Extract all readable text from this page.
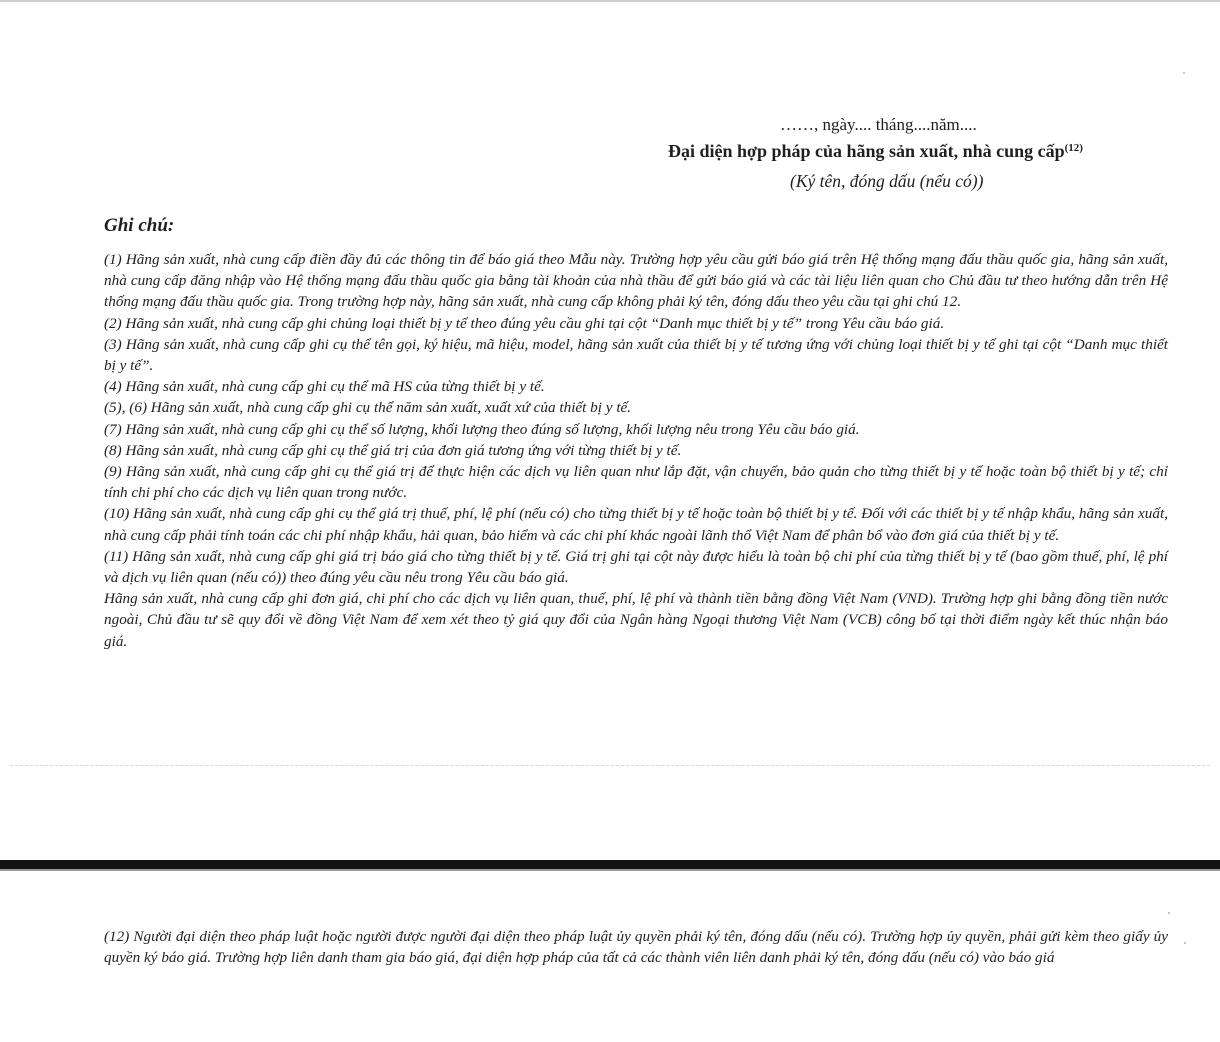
……, ngày.... tháng....năm....
Đại diện hợp pháp của hãng sản xuất, nhà cung cấp$^{(12)}$
(Ký tên, đóng dấu (nếu có))
Ghi chú:

(1) Hãng sản xuất, nhà cung cấp điền đầy đủ các thông tin để báo giá theo Mẫu này. Trường hợp yêu cầu gửi báo giá trên Hệ thống mạng đấu thầu quốc gia, hãng sản xuất, nhà cung cấp đăng nhập vào Hệ thống mạng đấu thầu quốc gia bằng tài khoản của nhà thầu để gửi báo giá và các tài liệu liên quan cho Chủ đầu tư theo hướng dẫn trên Hệ thống mạng đấu thầu quốc gia. Trong trường hợp này, hãng sản xuất, nhà cung cấp không phải ký tên, đóng dấu theo yêu cầu tại ghi chú 12.

(2) Hãng sản xuất, nhà cung cấp ghi chủng loại thiết bị y tế theo đúng yêu cầu ghi tại cột “Danh mục thiết bị y tế” trong Yêu cầu báo giá.

(3) Hãng sản xuất, nhà cung cấp ghi cụ thể tên gọi, ký hiệu, mã hiệu, model, hãng sản xuất của thiết bị y tế tương ứng với chủng loại thiết bị y tế ghi tại cột “Danh mục thiết bị y tế”.

(4) Hãng sản xuất, nhà cung cấp ghi cụ thể mã HS của từng thiết bị y tế.

(5), (6) Hãng sản xuất, nhà cung cấp ghi cụ thể năm sản xuất, xuất xứ của thiết bị y tế.

(7) Hãng sản xuất, nhà cung cấp ghi cụ thể số lượng, khối lượng theo đúng số lượng, khối lượng nêu trong Yêu cầu báo giá.

(8) Hãng sản xuất, nhà cung cấp ghi cụ thể giá trị của đơn giá tương ứng với từng thiết bị y tế.

(9) Hãng sản xuất, nhà cung cấp ghi cụ thể giá trị để thực hiện các dịch vụ liên quan như lắp đặt, vận chuyển, bảo quản cho từng thiết bị y tế hoặc toàn bộ thiết bị y tế; chỉ tính chi phí cho các dịch vụ liên quan trong nước.

(10) Hãng sản xuất, nhà cung cấp ghi cụ thể giá trị thuế, phí, lệ phí (nếu có) cho từng thiết bị y tế hoặc toàn bộ thiết bị y tế. Đối với các thiết bị y tế nhập khẩu, hãng sản xuất, nhà cung cấp phải tính toán các chi phí nhập khẩu, hải quan, bảo hiểm và các chi phí khác ngoài lãnh thổ Việt Nam để phân bổ vào đơn giá của thiết bị y tế.

(11) Hãng sản xuất, nhà cung cấp ghi giá trị báo giá cho từng thiết bị y tế. Giá trị ghi tại cột này được hiểu là toàn bộ chi phí của từng thiết bị y tế (bao gồm thuế, phí, lệ phí và dịch vụ liên quan (nếu có)) theo đúng yêu cầu nêu trong Yêu cầu báo giá.

Hãng sản xuất, nhà cung cấp ghi đơn giá, chi phí cho các dịch vụ liên quan, thuế, phí, lệ phí và thành tiền bằng đồng Việt Nam (VND). Trường hợp ghi bằng đồng tiền nước ngoài, Chủ đầu tư sẽ quy đổi về đồng Việt Nam để xem xét theo tỷ giá quy đổi của Ngân hàng Ngoại thương Việt Nam (VCB) công bố tại thời điểm ngày kết thúc nhận báo giá.

(12) Người đại diện theo pháp luật hoặc người được người đại diện theo pháp luật ủy quyền phải ký tên, đóng dấu (nếu có). Trường hợp ủy quyền, phải gửi kèm theo giấy ủy quyền ký báo giá. Trường hợp liên danh tham gia báo giá, đại diện hợp pháp của tất cả các thành viên liên danh phải ký tên, đóng dấu (nếu có) vào báo giá
